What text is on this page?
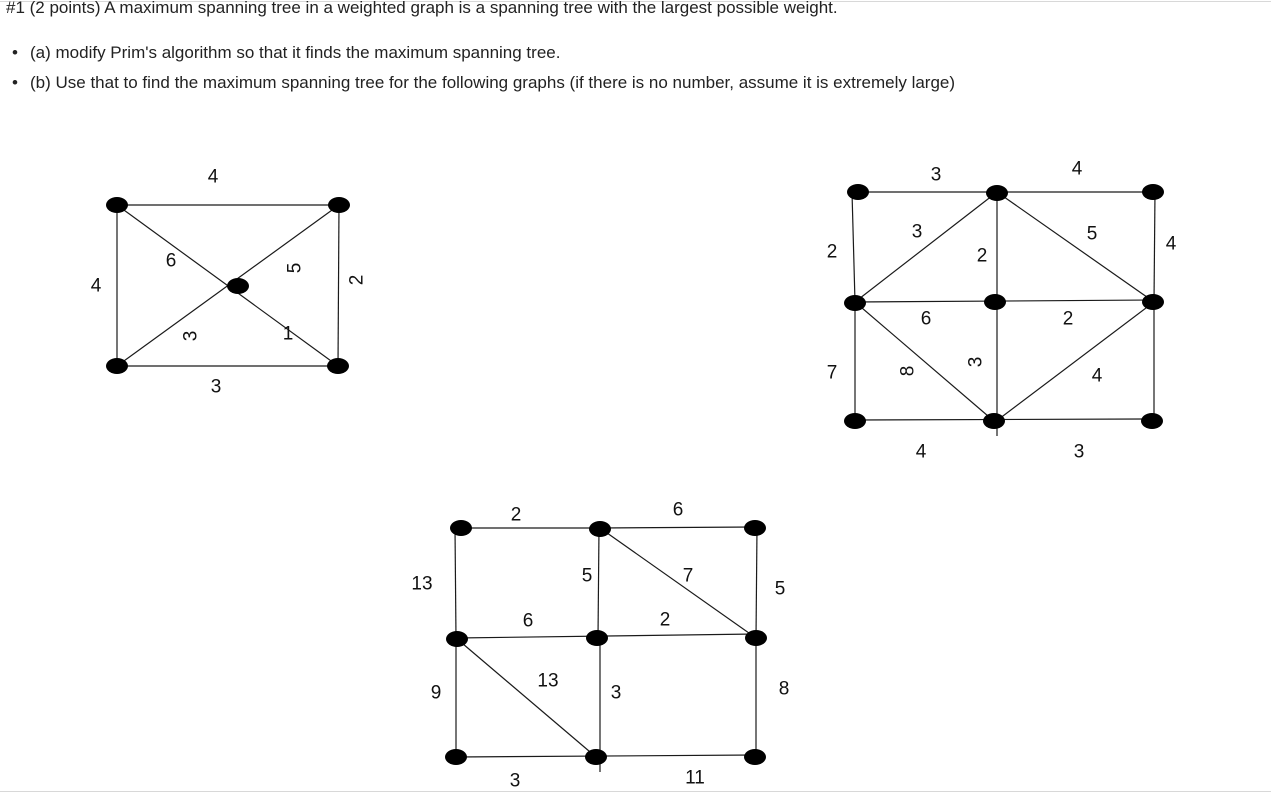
#1 (2 points) A maximum spanning tree in a weighted graph is a spanning tree with the largest possible weight.
• (a) modify Prim's algorithm so that it finds the maximum spanning tree.
• (b) Use that to find the maximum spanning tree for the following graphs (if there is no number, assume it is extremely large)
4
4	2
3
6	5
3	1
3	4
2
7
4
3
2
5
6	2
8
3
4
4	3
2	6
13	5	7
5
6	2
9
13
3	8
3	11
